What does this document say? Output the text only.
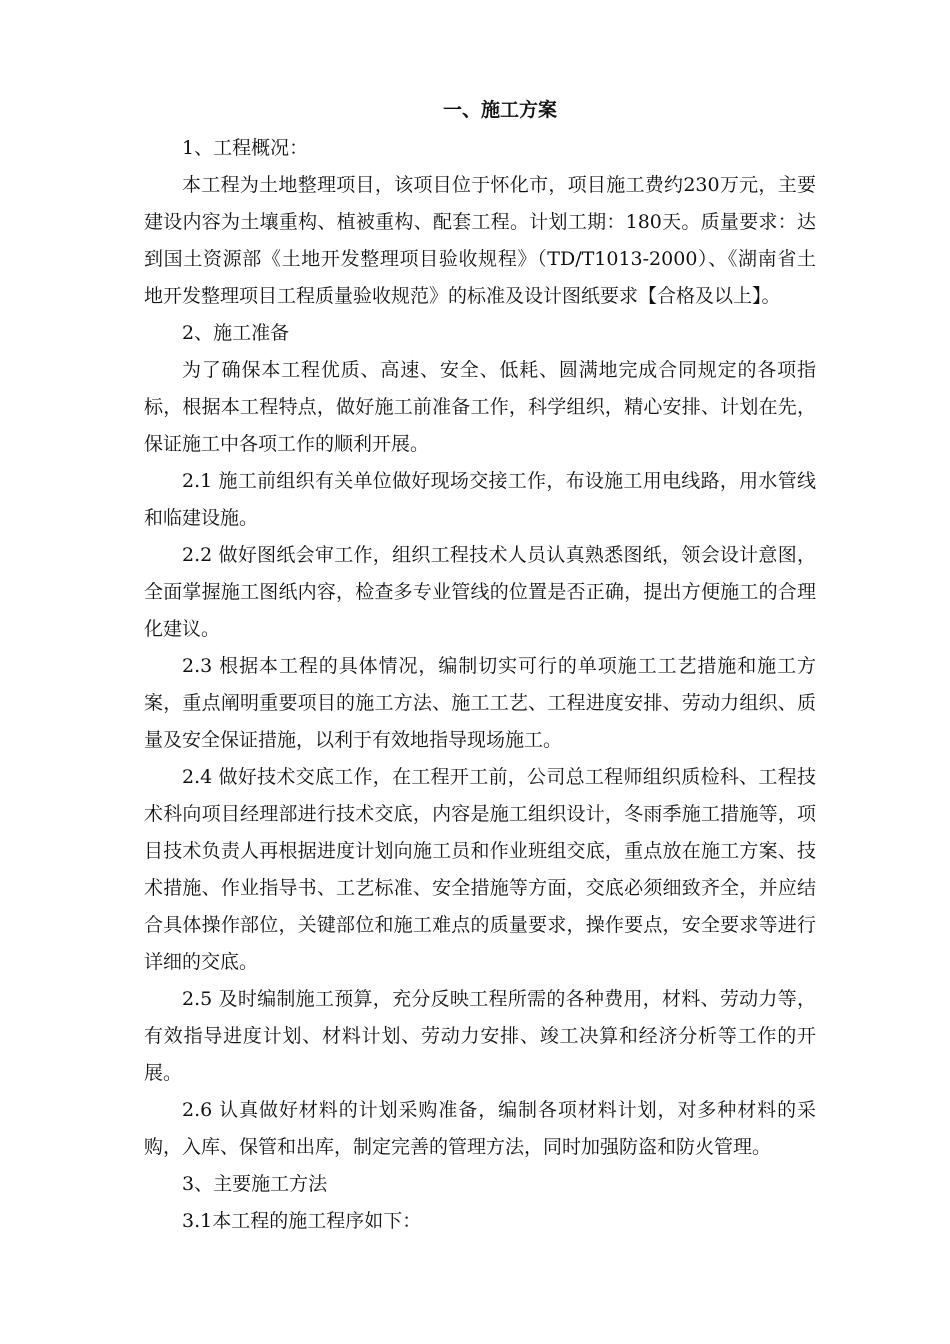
一、施工方案

1、工程概况：

本工程为土地整理项目，该项目位于怀化市，项目施工费约230万元，主要建设内容为土壤重构、植被重构、配套工程。计划工期：180天。质量要求：达到国土资源部《土地开发整理项目验收规程》（TD/T1013-2000）、《湖南省土地开发整理项目工程质量验收规范》的标准及设计图纸要求【合格及以上】。

2、施工准备

为了确保本工程优质、高速、安全、低耗、圆满地完成合同规定的各项指标，根据本工程特点，做好施工前准备工作，科学组织，精心安排、计划在先，保证施工中各项工作的顺利开展。

2.1 施工前组织有关单位做好现场交接工作，布设施工用电线路，用水管线和临建设施。

2.2 做好图纸会审工作，组织工程技术人员认真熟悉图纸，领会设计意图，全面掌握施工图纸内容，检查多专业管线的位置是否正确，提出方便施工的合理化建议。

2.3 根据本工程的具体情况，编制切实可行的单项施工工艺措施和施工方案，重点阐明重要项目的施工方法、施工工艺、工程进度安排、劳动力组织、质量及安全保证措施，以利于有效地指导现场施工。

2.4 做好技术交底工作，在工程开工前，公司总工程师组织质检科、工程技术科向项目经理部进行技术交底，内容是施工组织设计，冬雨季施工措施等，项目技术负责人再根据进度计划向施工员和作业班组交底，重点放在施工方案、技术措施、作业指导书、工艺标准、安全措施等方面，交底必须细致齐全，并应结合具体操作部位，关键部位和施工难点的质量要求，操作要点，安全要求等进行详细的交底。

2.5 及时编制施工预算，充分反映工程所需的各种费用，材料、劳动力等，有效指导进度计划、材料计划、劳动力安排、竣工决算和经济分析等工作的开展。

2.6 认真做好材料的计划采购准备，编制各项材料计划，对多种材料的采购，入库、保管和出库，制定完善的管理方法，同时加强防盗和防火管理。

3、主要施工方法

3.1本工程的施工程序如下：
